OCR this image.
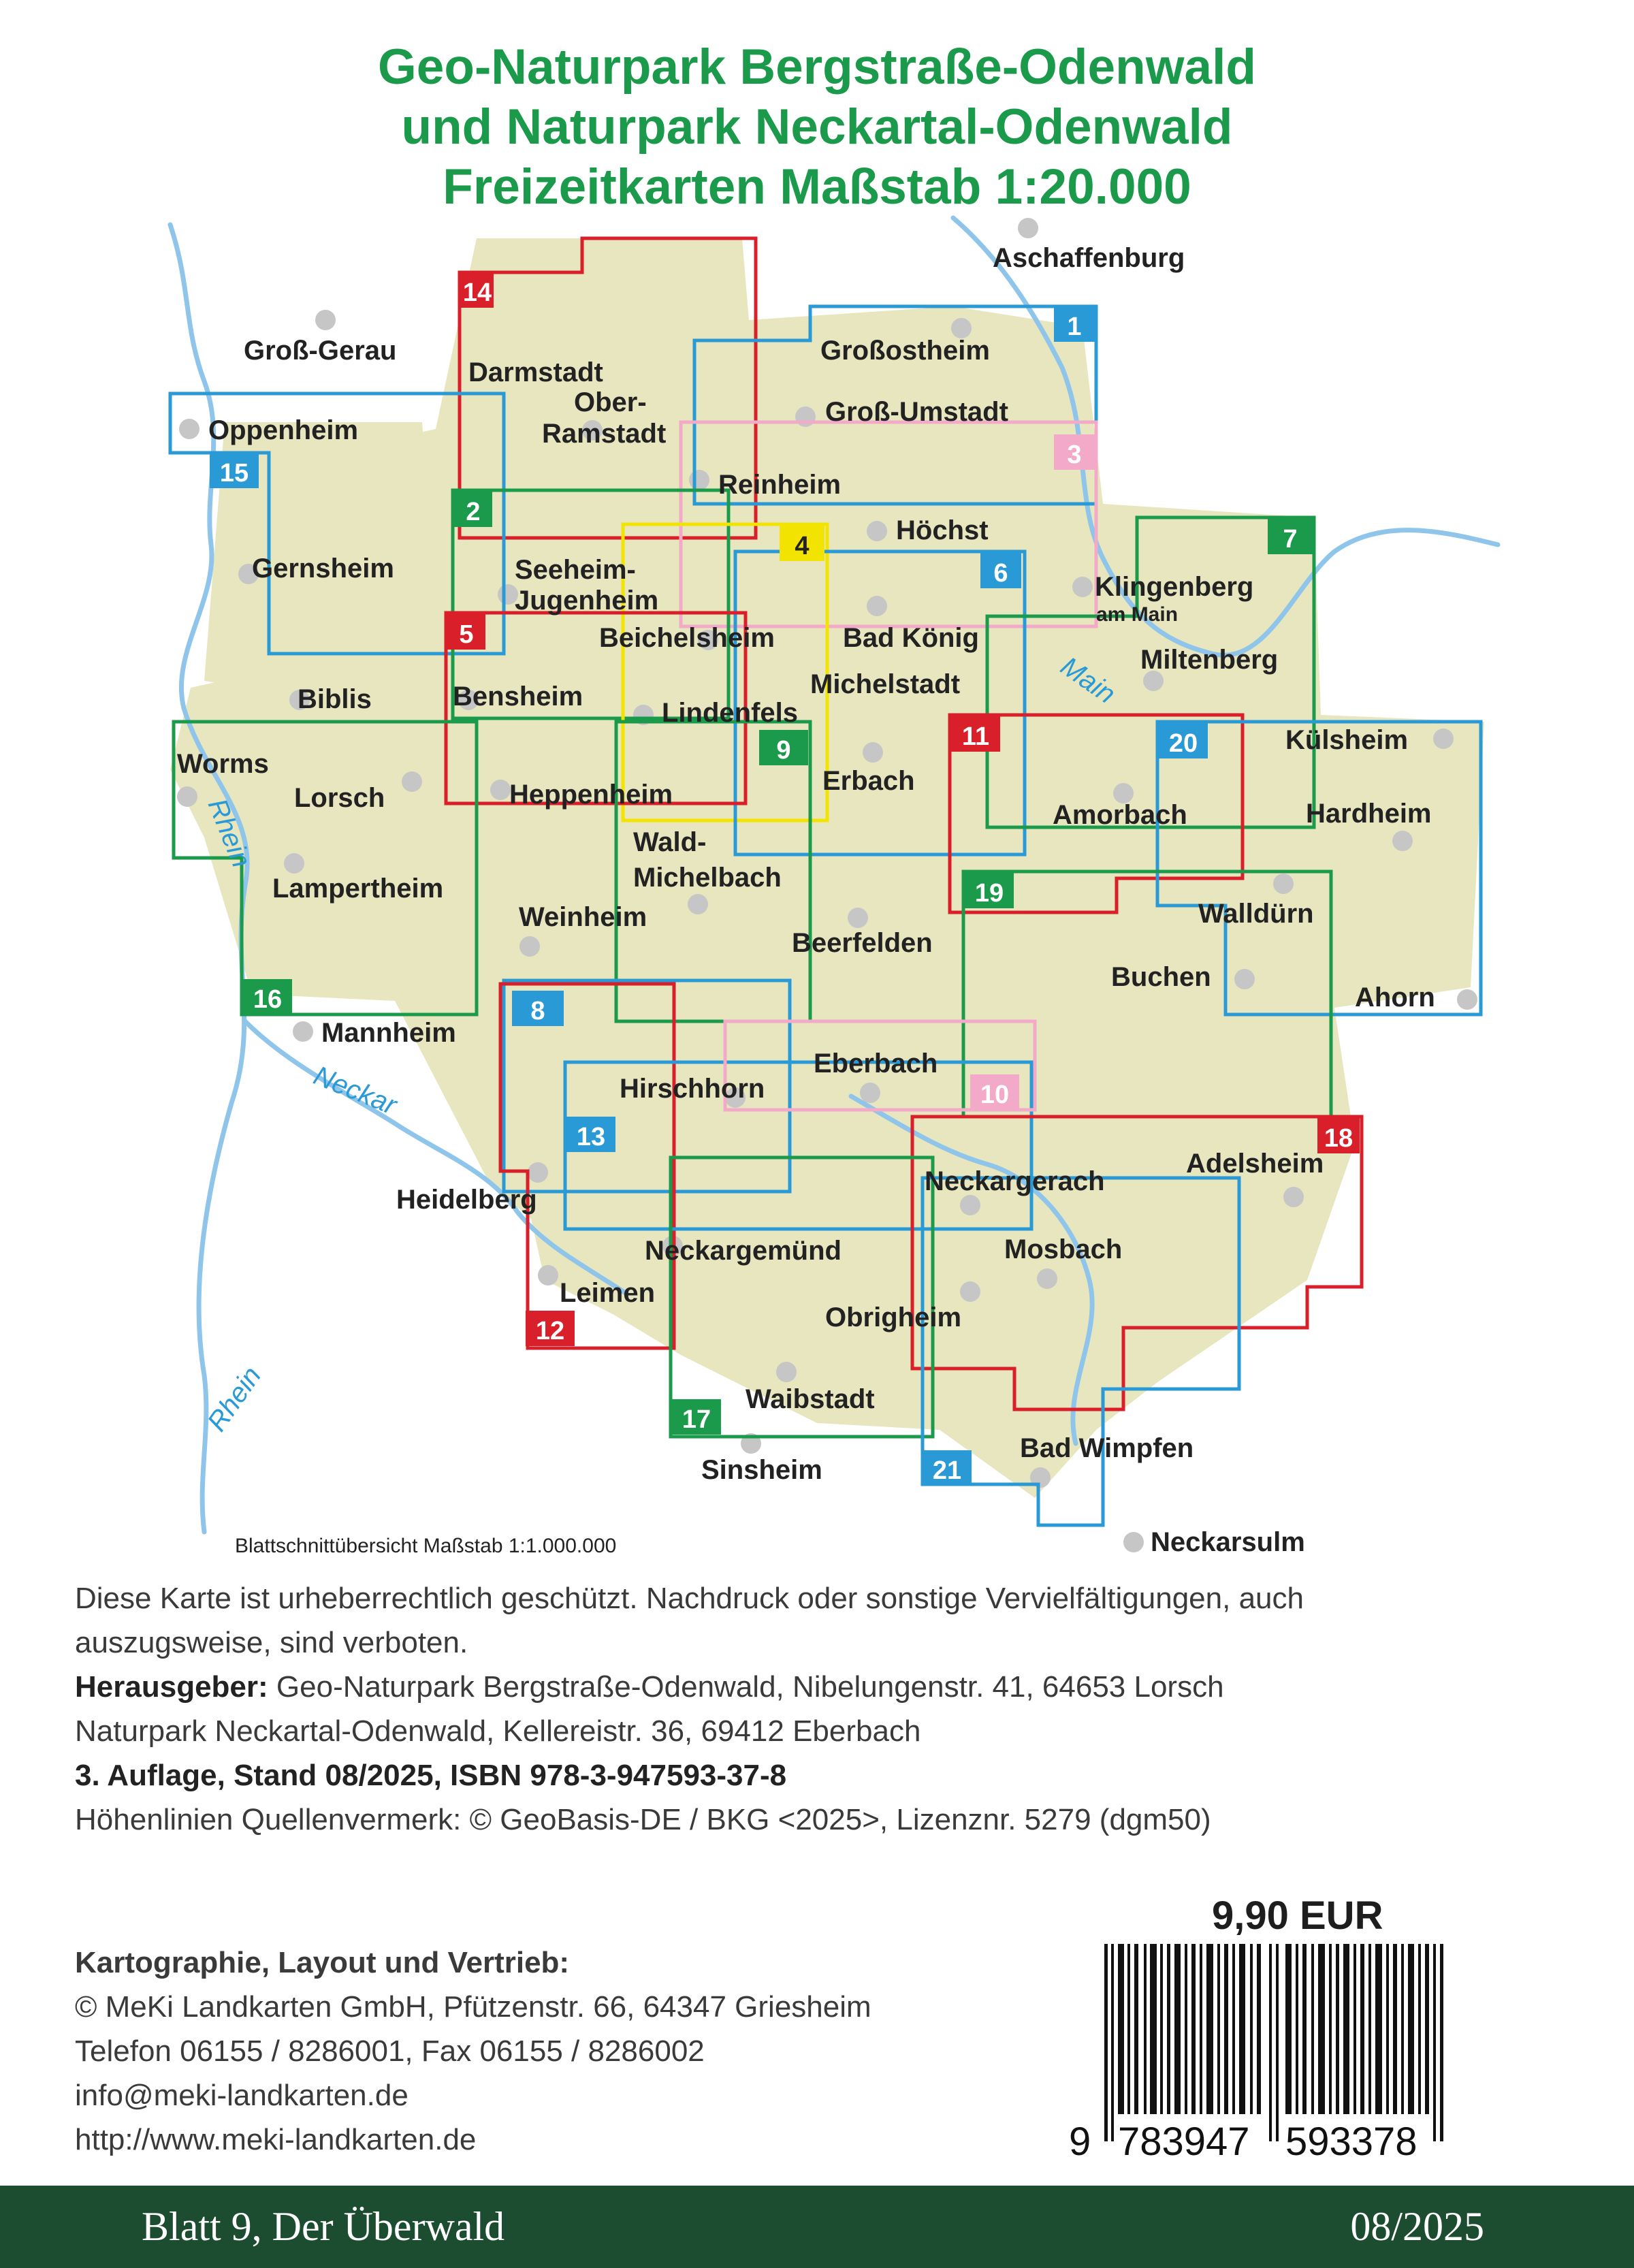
Geo-Naturpark Bergstraße-Odenwald
und Naturpark Neckartal-Odenwald
Freizeitkarten Maßstab 1:20.000
14
1
3
15
2
4	7
6
5
11
9	20
19
16	8
10
13	18
12
17
21
Main
Rhein
Neckar
Rhein
Aschaffenburg
Groß-Gerau
Darmstadt
Ober-
Ramstadt
Großostheim
Groß-Umstadt
Oppenheim
Reinheim
Höchst
Gernsheim	Seeheim-
Jugenheim	Klingenberg
am Main
Beichelsheim	Bad König
Miltenberg
Michelstadt
Biblis	Bensheim
Lindenfels
Worms
Külsheim
Lorsch
Erbach
Heppenheim
Amorbach	Hardheim
Wald-
Michelbach
Lampertheim
Walldürn
Weinheim
Beerfelden
Buchen
Ahorn
Mannheim
Eberbach
Hirschhorn
Adelsheim
Heidelberg
Neckargerach
Mosbach
Neckargemünd
Leimen
Obrigheim
Waibstadt
Bad Wimpfen
Sinsheim
Neckarsulm
Blattschnittübersicht Maßstab 1:1.000.000
Diese Karte ist urheberrechtlich geschützt. Nachdruck oder sonstige Vervielfältigungen, auch
auszugsweise, sind verboten.
Herausgeber: Geo-Naturpark Bergstraße-Odenwald, Nibelungenstr. 41, 64653 Lorsch
Naturpark Neckartal-Odenwald, Kellereistr. 36, 69412 Eberbach
3. Auflage, Stand 08/2025, ISBN 978-3-947593-37-8
Höhenlinien Quellenvermerk: © GeoBasis-DE / BKG <2025>, Lizenznr. 5279 (dgm50)
Kartographie, Layout und Vertrieb:
© MeKi Landkarten GmbH, Pfützenstr. 66, 64347 Griesheim
Telefon 06155 / 8286001, Fax 06155 / 8286002
info@meki-landkarten.de
http://www.meki-landkarten.de
9,90 EUR
9 783947 593378
Blatt 9, Der Überwald	08/2025
